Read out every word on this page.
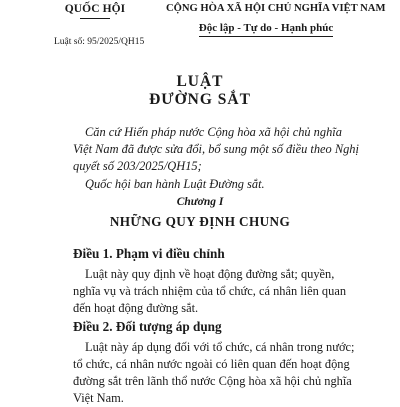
QUỐC HỘI	CỘNG HÒA XÃ HỘI CHỦ NGHĨA VIỆT NAM
Độc lập - Tự do - Hạnh phúc
Luật số: 95/2025/QH15
LUẬT
ĐƯỜNG SẮT

Căn cứ Hiến pháp nước Cộng hòa xã hội chủ nghĩa

Việt Nam đã được sửa đổi, bổ sung một số điều theo Nghị

quyết số 203/2025/QH15;

Quốc hội ban hành Luật Đường sắt.

Chương I
NHỮNG QUY ĐỊNH CHUNG
Điều 1. Phạm vi điều chỉnh
Luật này quy định về hoạt động đường sắt; quyền,
nghĩa vụ và trách nhiệm của tổ chức, cá nhân liên quan
đến hoạt động đường sắt.
Điều 2. Đối tượng áp dụng
Luật này áp dụng đối với tổ chức, cá nhân trong nước;
tổ chức, cá nhân nước ngoài có liên quan đến hoạt động
đường sắt trên lãnh thổ nước Cộng hòa xã hội chủ nghĩa
Việt Nam.
